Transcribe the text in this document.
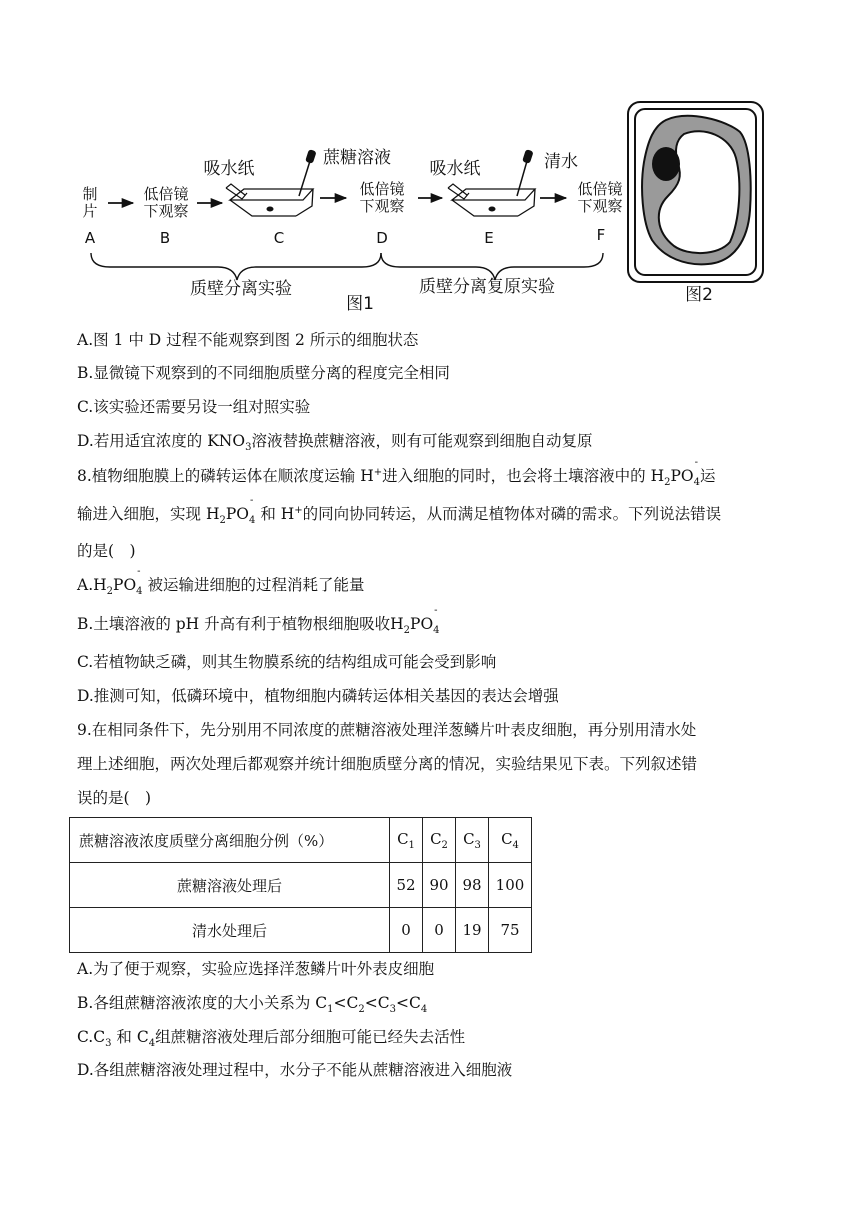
制
片
A
低倍镜
下观察
B
吸水纸
蔗糖溶液
C
低倍镜
下观察
D
吸水纸	清水
E
低倍镜
下观察
F
质壁分离实验	质壁分离复原实验
图1	图2
A.图 1 中 D 过程不能观察到图 2 所示的细胞状态
B.显微镜下观察到的不同细胞质壁分离的程度完全相同
C.该实验还需要另设一组对照实验
D.若用适宜浓度的 $KNO_3$溶液替换蔗糖溶液，则有可能观察到细胞自动复原
8.植物细胞膜上的磷转运体在顺浓度运输 H+进入细胞的同时，也会将土壤溶液中的 $H_2PO$
-
$_4$运
输进入细胞，实现 $H_2PO$
-
$_4$ 和 H+的同向协同转运，从而满足植物体对磷的需求。下列说法错误
的是(　)
$A.H_2PO$
-
$_4$ 被运输进细胞的过程消耗了能量
B.土壤溶液的 pH 升高有利于植物根细胞吸收$H_2PO$
-
$_4$
C.若植物缺乏磷，则其生物膜系统的结构组成可能会受到影响
D.推测可知，低磷环境中，植物细胞内磷转运体相关基因的表达会增强
9.在相同条件下，先分别用不同浓度的蔗糖溶液处理洋葱鳞片叶表皮细胞，再分别用清水处
理上述细胞，两次处理后都观察并统计细胞质壁分离的情况，实验结果见下表。下列叙述错
误的是(　)
蔗糖溶液浓度质壁分离细胞分例（%）	$C_1$	$C_2$	$C_3$	$C_4$
蔗糖溶液处理后	52	90	98	100
清水处理后	0	0	19	75
A.为了便于观察，实验应选择洋葱鳞片叶外表皮细胞
B.各组蔗糖溶液浓度的大小关系为 $C_1<C_2<C_3<C_4$
$C.C_3$ 和 $C_4$组蔗糖溶液处理后部分细胞可能已经失去活性
D.各组蔗糖溶液处理过程中，水分子不能从蔗糖溶液进入细胞液
